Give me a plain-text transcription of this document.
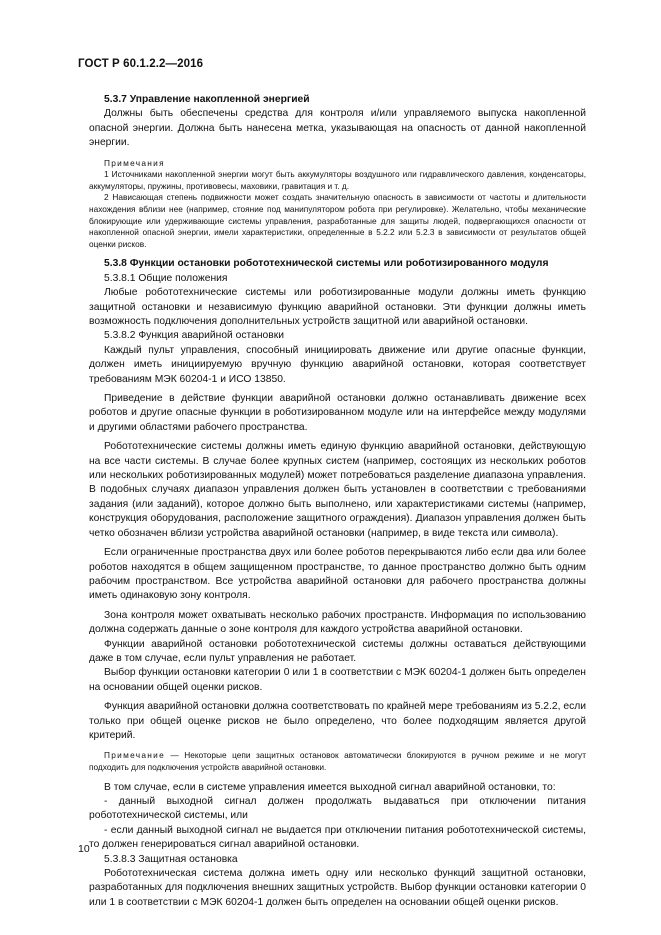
ГОСТ Р 60.1.2.2—2016

5.3.7 Управление накопленной энергией

Должны быть обеспечены средства для контроля и/или управляемого выпуска накопленной опасной энергии. Должна быть нанесена метка, указывающая на опасность от данной накопленной энергии.

Примечания

1 Источниками накопленной энергии могут быть аккумуляторы воздушного или гидравлического давления, конденсаторы, аккумуляторы, пружины, противовесы, маховики, гравитация и т. д.

2 Нависающая степень подвижности может создать значительную опасность в зависимости от частоты и длительности нахождения вблизи нее (например, стояние под манипулятором робота при регулировке). Желательно, чтобы механические блокирующие или удерживающие системы управления, разработанные для защиты людей, подвергающихся опасности от накопленной опасной энергии, имели характеристики, определенные в 5.2.2 или 5.2.3 в зависимости от результатов общей оценки рисков.

5.3.8 Функции остановки робототехнической системы или роботизированного модуля

5.3.8.1 Общие положения

Любые робототехнические системы или роботизированные модули должны иметь функцию защитной остановки и независимую функцию аварийной остановки. Эти функции должны иметь возможность подключения дополнительных устройств защитной или аварийной остановки.

5.3.8.2 Функция аварийной остановки

Каждый пульт управления, способный инициировать движение или другие опасные функции, должен иметь инициируемую вручную функцию аварийной остановки, которая соответствует требованиям МЭК 60204-1 и ИСО 13850.

Приведение в действие функции аварийной остановки должно останавливать движение всех роботов и другие опасные функции в роботизированном модуле или на интерфейсе между модулями и другими областями рабочего пространства.

Робототехнические системы должны иметь единую функцию аварийной остановки, действующую на все части системы. В случае более крупных систем (например, состоящих из нескольких роботов или нескольких роботизированных модулей) может потребоваться разделение диапазона управления. В подобных случаях диапазон управления должен быть установлен в соответствии с требованиями задания (или заданий), которое должно быть выполнено, или характеристиками системы (например, конструкция оборудования, расположение защитного ограждения). Диапазон управления должен быть четко обозначен вблизи устройства аварийной остановки (например, в виде текста или символа).

Если ограниченные пространства двух или более роботов перекрываются либо если два или более роботов находятся в общем защищенном пространстве, то данное пространство должно быть одним рабочим пространством. Все устройства аварийной остановки для рабочего пространства должны иметь одинаковую зону контроля.

Зона контроля может охватывать несколько рабочих пространств. Информация по использованию должна содержать данные о зоне контроля для каждого устройства аварийной остановки.

Функции аварийной остановки робототехнической системы должны оставаться действующими даже в том случае, если пульт управления не работает.

Выбор функции остановки категории 0 или 1 в соответствии с МЭК 60204-1 должен быть определен на основании общей оценки рисков.

Функция аварийной остановки должна соответствовать по крайней мере требованиям из 5.2.2, если только при общей оценке рисков не было определено, что более подходящим является другой критерий.

Примечание — Некоторые цепи защитных остановок автоматически блокируются в ручном режиме и не могут подходить для подключения устройств аварийной остановки.

В том случае, если в системе управления имеется выходной сигнал аварийной остановки, то:

- данный выходной сигнал должен продолжать выдаваться при отключении питания робототехнической системы, или

- если данный выходной сигнал не выдается при отключении питания робототехнической системы, то должен генерироваться сигнал аварийной остановки.

5.3.8.3 Защитная остановка

Робототехническая система должна иметь одну или несколько функций защитной остановки, разработанных для подключения внешних защитных устройств. Выбор функции остановки категории 0 или 1 в соответствии с МЭК 60204-1 должен быть определен на основании общей оценки рисков.

10
